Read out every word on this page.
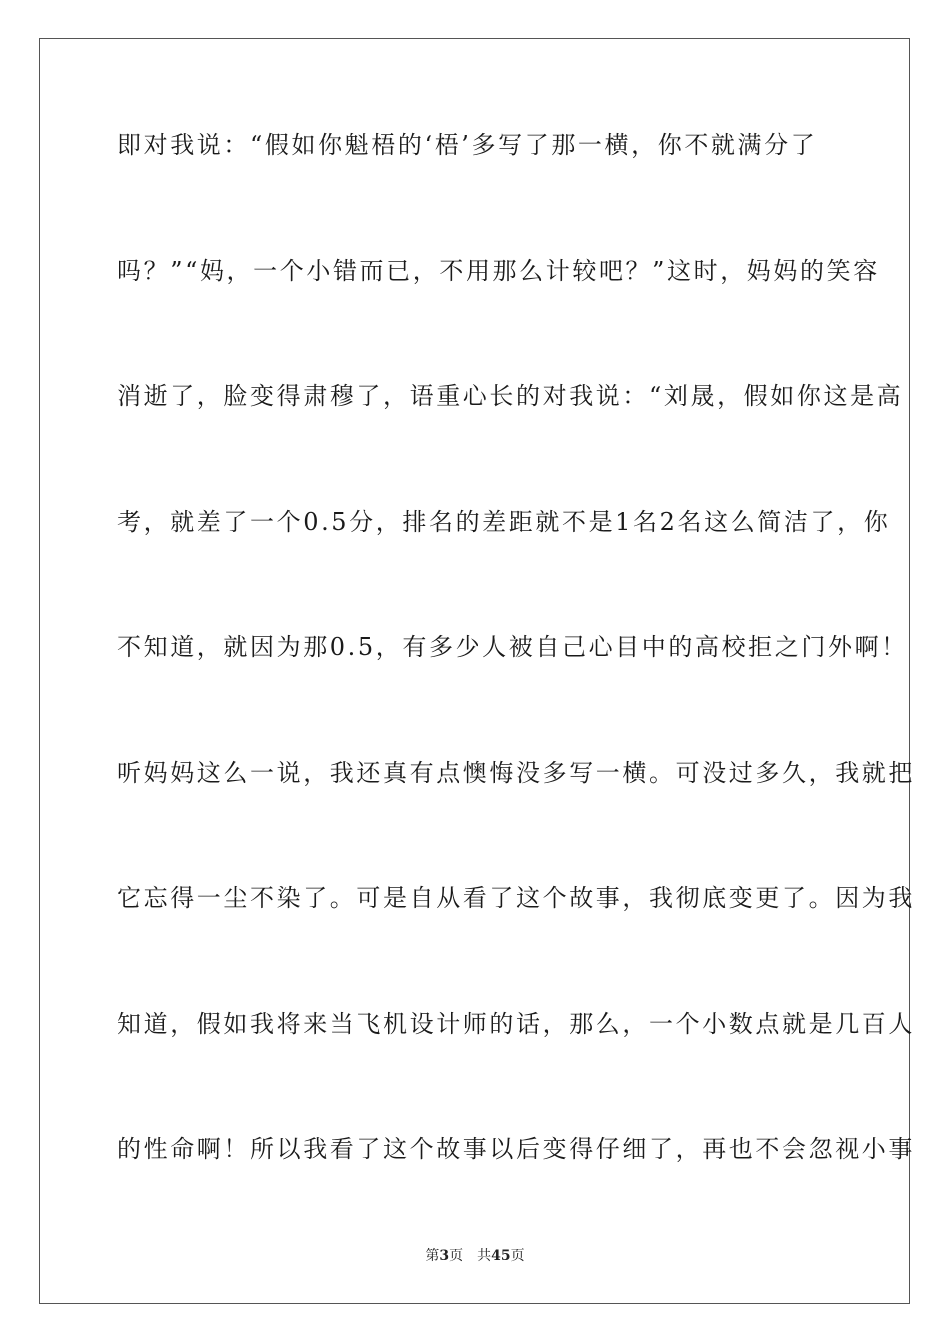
即对我说：“假如你魁梧的‘梧’多写了那一横，你不就满分了
吗？”“妈，一个小错而已，不用那么计较吧？”这时，妈妈的笑容
消逝了，脸变得肃穆了，语重心长的对我说：“刘晟，假如你这是高
考，就差了一个0.5分，排名的差距就不是1名2名这么简洁了，你
不知道，就因为那0.5，有多少人被自己心目中的高校拒之门外啊！
听妈妈这么一说，我还真有点懊悔没多写一横。可没过多久，我就把
它忘得一尘不染了。可是自从看了这个故事，我彻底变更了。因为我
知道，假如我将来当飞机设计师的话，那么，一个小数点就是几百人
的性命啊！所以我看了这个故事以后变得仔细了，再也不会忽视小事
第3页 共45页
